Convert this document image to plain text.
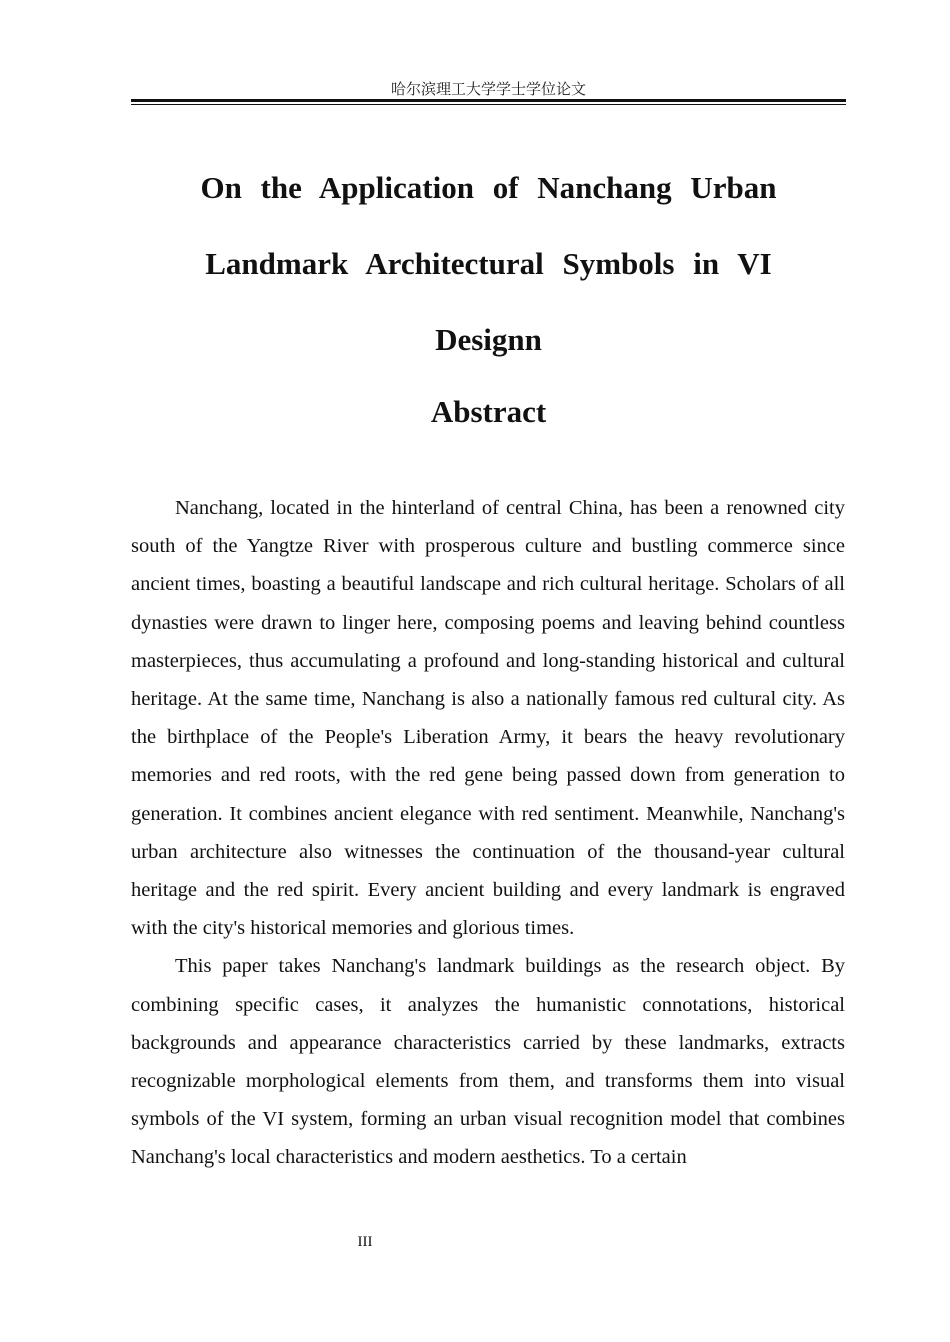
哈尔滨理工大学学士学位论文
On the Application of Nanchang Urban Landmark Architectural Symbols in VI Designn
Abstract

Nanchang, located in the hinterland of central China, has been a renowned city south of the Yangtze River with prosperous culture and bustling commerce since ancient times, boasting a beautiful landscape and rich cultural heritage. Scholars of all dynasties were drawn to linger here, composing poems and leaving behind countless masterpieces, thus accumulating a profound and long-standing historical and cultural heritage. At the same time, Nanchang is also a nationally famous red cultural city. As the birthplace of the People's Liberation Army, it bears the heavy revolutionary memories and red roots, with the red gene being passed down from generation to generation. It combines ancient elegance with red sentiment. Meanwhile, Nanchang's urban architecture also witnesses the continuation of the thousand-year cultural heritage and the red spirit. Every ancient building and every landmark is engraved with the city's historical memories and glorious times.

This paper takes Nanchang's landmark buildings as the research object. By combining specific cases, it analyzes the humanistic connotations, historical backgrounds and appearance characteristics carried by these landmarks, extracts recognizable morphological elements from them, and transforms them into visual symbols of the VI system, forming an urban visual recognition model that combines Nanchang's local characteristics and modern aesthetics. To a certain

III
